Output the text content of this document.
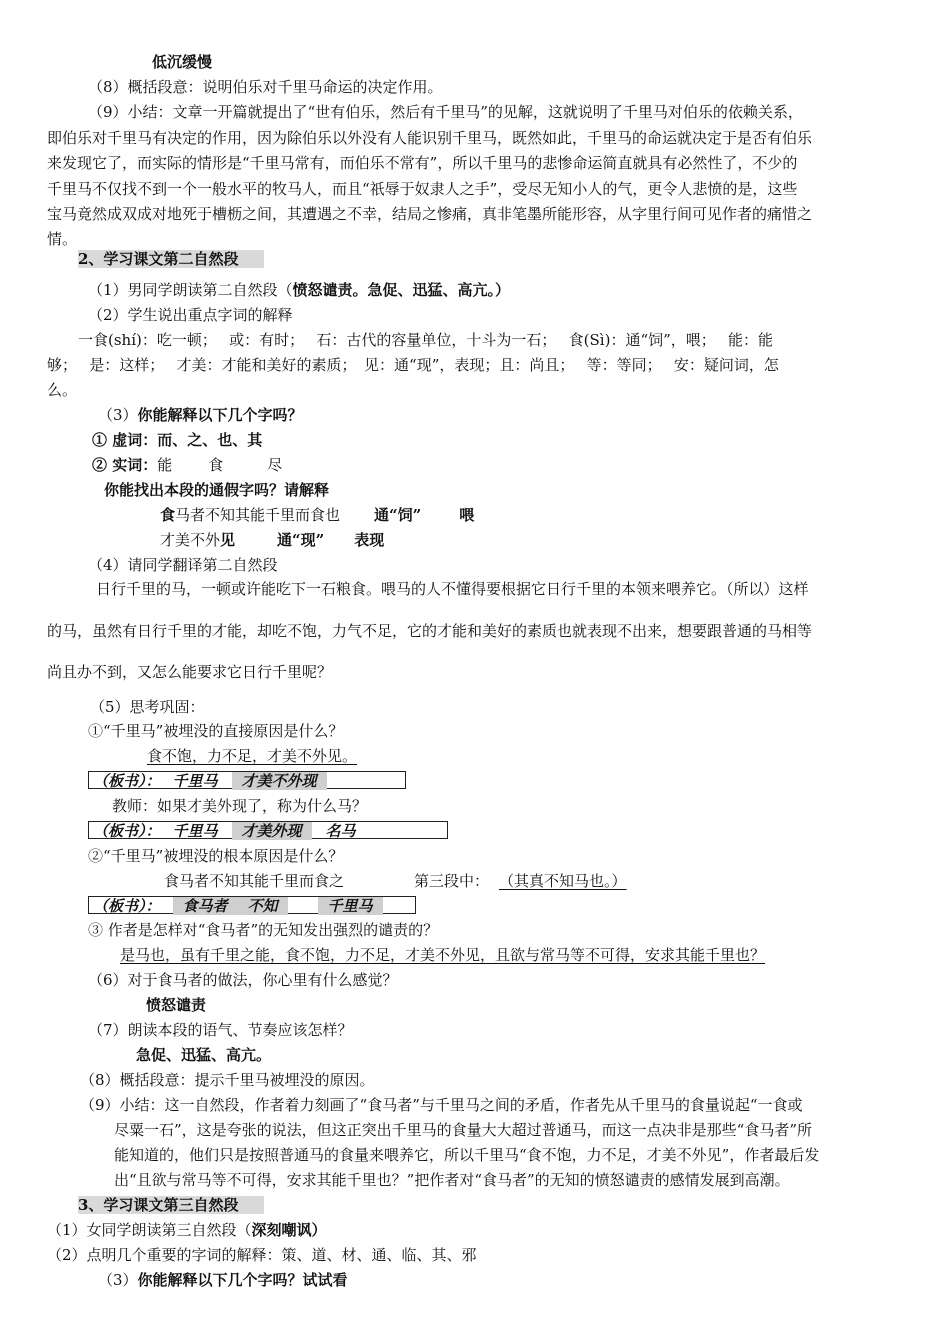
低沉缓慢
（8）概括段意：说明伯乐对千里马命运的决定作用。
（9）小结：文章一开篇就提出了“世有伯乐，然后有千里马”的见解，这就说明了千里马对伯乐的依赖关系，
即伯乐对千里马有决定的作用，因为除伯乐以外没有人能识别千里马，既然如此，千里马的命运就决定于是否有伯乐
来发现它了，而实际的情形是“千里马常有，而伯乐不常有”，所以千里马的悲惨命运简直就具有必然性了，不少的
千里马不仅找不到一个一般水平的牧马人，而且“祇辱于奴隶人之手”，受尽无知小人的气，更令人悲愤的是，这些
宝马竟然成双成对地死于槽枥之间，其遭遇之不幸，结局之惨痛，真非笔墨所能形容，从字里行间可见作者的痛惜之
情。
2、学习课文第二自然段
（1）男同学朗读第二自然段（愤怒谴责。急促、迅猛、高亢。）
（2）学生说出重点字词的解释
一食(shí)：吃一顿；　 或：有时；　 石：古代的容量单位，十斗为一石；　 食(Sì)：通“饲”，喂；　 能：能
够；　 是：这样；　 才美：才能和美好的素质；　见：通“现”，表现；且：尚且；　 等：等同；　 安：疑问词，怎
么。
（3）你能解释以下几个字吗？
① 虚词：而、之、也、其
② 实词：能 食	尽
你能找出本段的通假字吗？请解释
食马者不知其能千里而食也 通“饲”	喂
才美不外见	通“现” 表现
（4）请同学翻译第二自然段
日行千里的马，一顿或许能吃下一石粮食。喂马的人不懂得要根据它日行千里的本领来喂养它。（所以）这样
的马，虽然有日行千里的才能，却吃不饱，力气不足，它的才能和美好的素质也就表现不出来，想要跟普通的马相等
尚且办不到，又怎么能要求它日行千里呢？
（5）思考巩固：
①“千里马”被埋没的直接原因是什么？
食不饱，力不足，才美不外见。
（板书）： 千里马 才美不外现
教师：如果才美外现了，称为什么马？
（板书）： 千里马 才美外现 名马
②“千里马”被埋没的根本原因是什么？
食马者不知其能千里而食之	第三段中： （其真不知马也。）
（板书）： 食马者 不知	千里马
③ 作者是怎样对“食马者”的无知发出强烈的谴责的？
是马也，虽有千里之能，食不饱，力不足，才美不外见，且欲与常马等不可得，安求其能千里也？
（6）对于食马者的做法，你心里有什么感觉？
愤怒谴责
（7）朗读本段的语气、节奏应该怎样？
急促、迅猛、高亢。
（8）概括段意：提示千里马被埋没的原因。
（9）小结：这一自然段，作者着力刻画了“食马者”与千里马之间的矛盾，作者先从千里马的食量说起“一食或
尽粟一石”，这是夸张的说法，但这正突出千里马的食量大大超过普通马，而这一点决非是那些“食马者”所
能知道的，他们只是按照普通马的食量来喂养它，所以千里马“食不饱，力不足，才美不外见”，作者最后发
出“且欲与常马等不可得，安求其能千里也？”把作者对“食马者”的无知的愤怒谴责的感情发展到高潮。
3、学习课文第三自然段
（1）女同学朗读第三自然段（深刻嘲讽）
（2）点明几个重要的字词的解释：策、道、材、通、临、其、邪
（3）你能解释以下几个字吗？试试看
